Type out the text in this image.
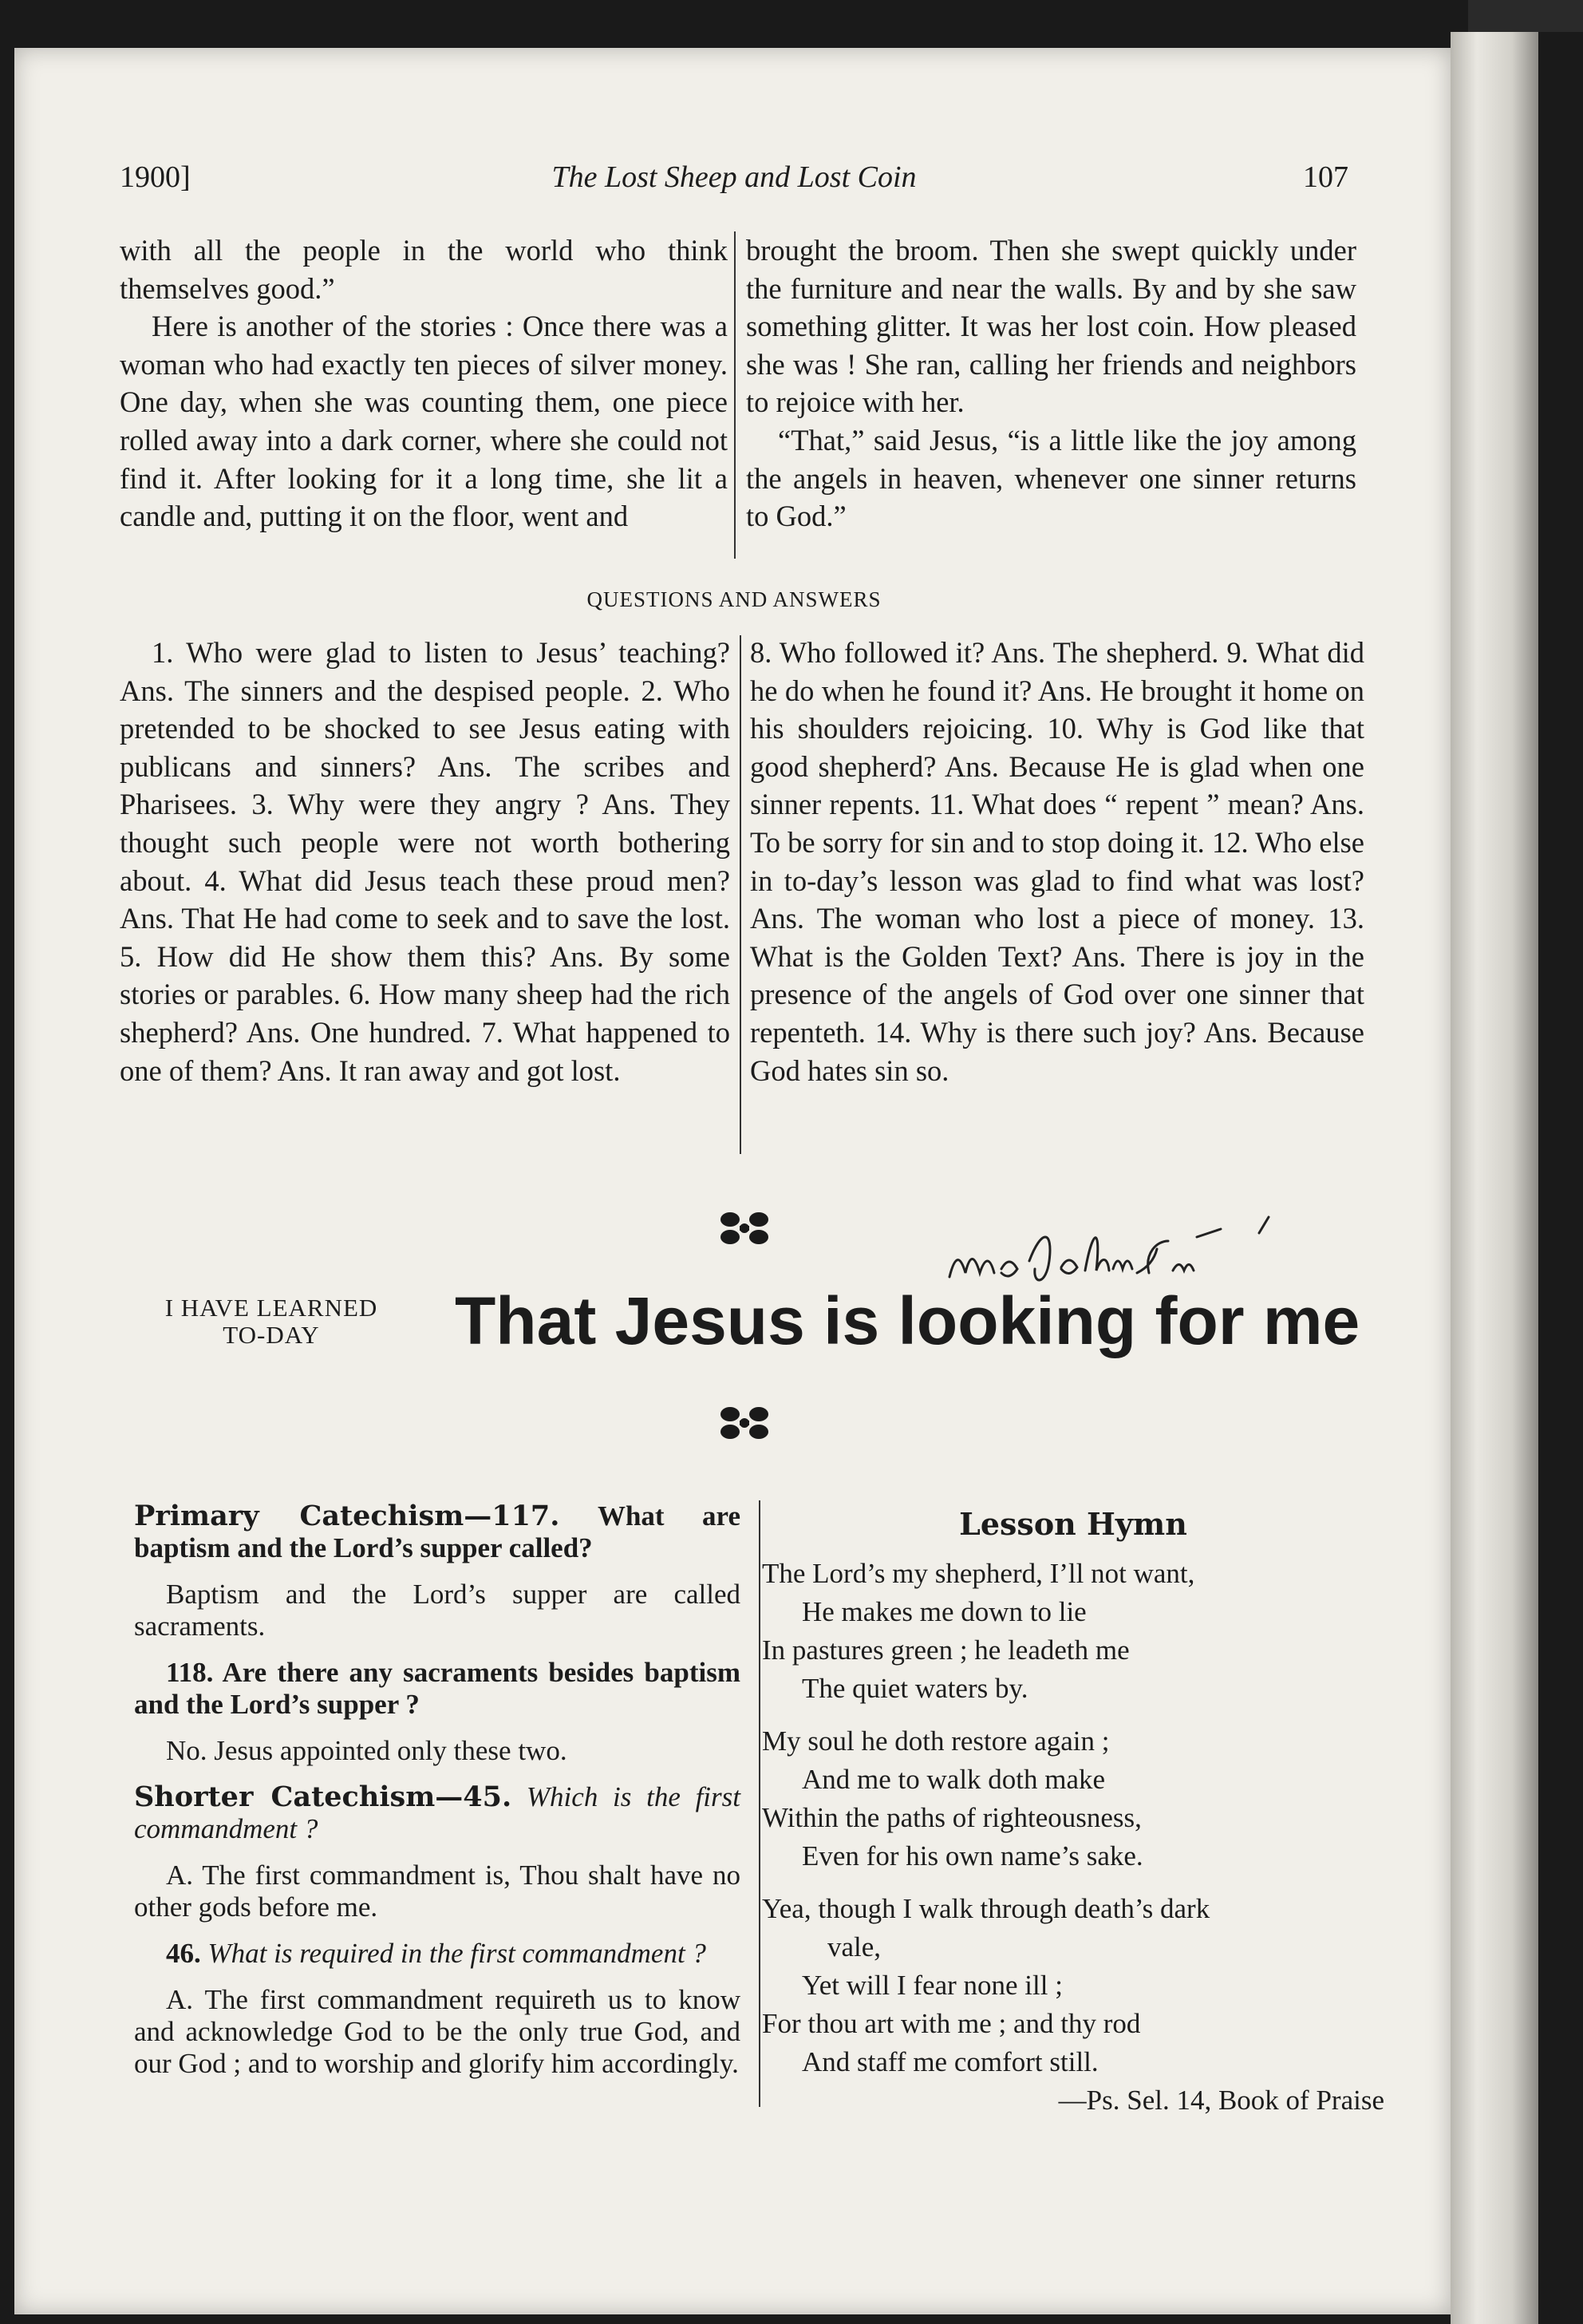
1900]	The Lost Sheep and Lost Coin	107

with all the people in the world who think themselves good.”

Here is another of the stories : Once there was a woman who had exactly ten pieces of silver money. One day, when she was counting them, one piece rolled away into a dark corner, where she could not find it. After looking for it a long time, she lit a candle and, putting it on the floor, went and

brought the broom. Then she swept quickly under the furniture and near the walls. By and by she saw something glitter. It was her lost coin. How pleased she was ! She ran, calling her friends and neighbors to rejoice with her.

“That,” said Jesus, “is a little like the joy among the angels in heaven, whenever one sinner returns to God.”

QUESTIONS AND ANSWERS

1. Who were glad to listen to Jesus’ teaching? Ans. The sinners and the despised people. 2. Who pretended to be shocked to see Jesus eating with publicans and sinners? Ans. The scribes and Pharisees. 3. Why were they angry ? Ans. They thought such people were not worth bothering about. 4. What did Jesus teach these proud men? Ans. That He had come to seek and to save the lost. 5. How did He show them this? Ans. By some stories or parables. 6. How many sheep had the rich shepherd? Ans. One hundred. 7. What happened to one of them? Ans. It ran away and got lost.

8. Who followed it? Ans. The shepherd. 9. What did he do when he found it? Ans. He brought it home on his shoulders rejoicing. 10. Why is God like that good shepherd? Ans. Because He is glad when one sinner repents. 11. What does “ repent ” mean? Ans. To be sorry for sin and to stop doing it. 12. Who else in to-day’s lesson was glad to find what was lost? Ans. The woman who lost a piece of money. 13. What is the Golden Text? Ans. There is joy in the presence of the angels of God over one sinner that repenteth. 14. Why is there such joy? Ans. Because God hates sin so.

I HAVE LEARNED
TO-DAY	That Jesus is looking for me

Primary Catechism—117. What are baptism and the Lord’s supper called?

Baptism and the Lord’s supper are called sacraments.

118. Are there any sacraments besides baptism and the Lord’s supper ?

No. Jesus appointed only these two.

Shorter Catechism—45. Which is the first commandment ?

A. The first commandment is, Thou shalt have no other gods before me.

46. What is required in the first commandment ?

A. The first commandment requireth us to know and acknowledge God to be the only true God, and our God ; and to worship and glorify him accordingly.

Lesson Hymn
The Lord’s my shepherd, I’ll not want,
He makes me down to lie
In pastures green ; he leadeth me
The quiet waters by.
My soul he doth restore again ;
And me to walk doth make
Within the paths of righteousness,
Even for his own name’s sake.
Yea, though I walk through death’s dark
vale,
Yet will I fear none ill ;
For thou art with me ; and thy rod
And staff me comfort still.
—Ps. Sel. 14, Book of Praise
